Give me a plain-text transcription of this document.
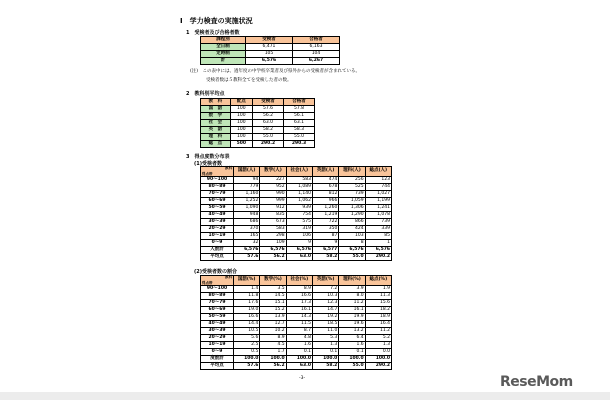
Ⅰ　学力検査の実施状況
1　受検者及び合格者数
課程別	受検者	合格者
全日制	6,471	6,163
定時制	105	104
計	6,576	6,267
(注)　この表中には、過年度の中学校卒業者及び県外からの受検者が含まれている。
受検者数は５教科全てを受検した者の数。
2　教科別平均点
教　科	配点	受検者	合格者
国　語	100	57.6	57.8
数　学	100	56.2	56.1
社　会	100	63.0	63.1
英　語	100	58.2	58.3
理　科	100	55.0	55.0
総　点	500	290.2	290.3
3　得点度数分布表
(1)受検者数
教科
得点帯	国語(人)	数学(人)	社会(人)	英語(人)	理科(人)	総点(人)
90～100	94	227	583	474	256	123
80～89	779	952	1,089	678	525	744
70～79	1,160	990	1,140	812	739	1,027
60～69	1,252	999	1,062	966	1,059	1,199
50～59	1,090	912	939	1,260	1,306	1,241
40～49	948	835	754	1,219	1,290	1,078
30～39	686	673	575	722	866	739
20～29	370	583	319	350	424	339
10～19	165	298	106	87	103	85
0～9	32	109	9	9	8	1
人数計	6,576	6,576	6,576	6,577	6,576	6,576
平均点	57.6	56.2	63.0	58.2	55.0	290.2
(2)受検者数の割合
教科
得点帯	国語(%)	数学(%)	社会(%)	英語(%)	理科(%)	総点(%)
90～100	1.4	3.5	8.9	7.2	3.9	1.9
80～89	11.8	14.5	16.6	10.3	8.0	11.3
70～79	17.6	15.1	17.3	12.3	11.2	15.6
60～69	19.0	15.2	16.1	14.7	16.1	18.2
50～59	16.6	13.9	14.3	19.2	19.9	18.9
40～49	14.4	12.7	11.5	18.5	19.6	16.4
30～39	10.5	10.2	8.7	11.0	13.2	11.2
20～29	5.6	8.9	4.8	5.3	6.4	5.2
10～19	2.5	4.5	1.6	1.3	1.6	1.3
0～9	0.5	1.7	0.1	0.1	0.1	0.0
度数計	100.0	100.0	100.0	100.0	100.0	100.0
平均点	57.6	56.2	63.0	58.2	55.0	290.2
-3-	ReseMom
